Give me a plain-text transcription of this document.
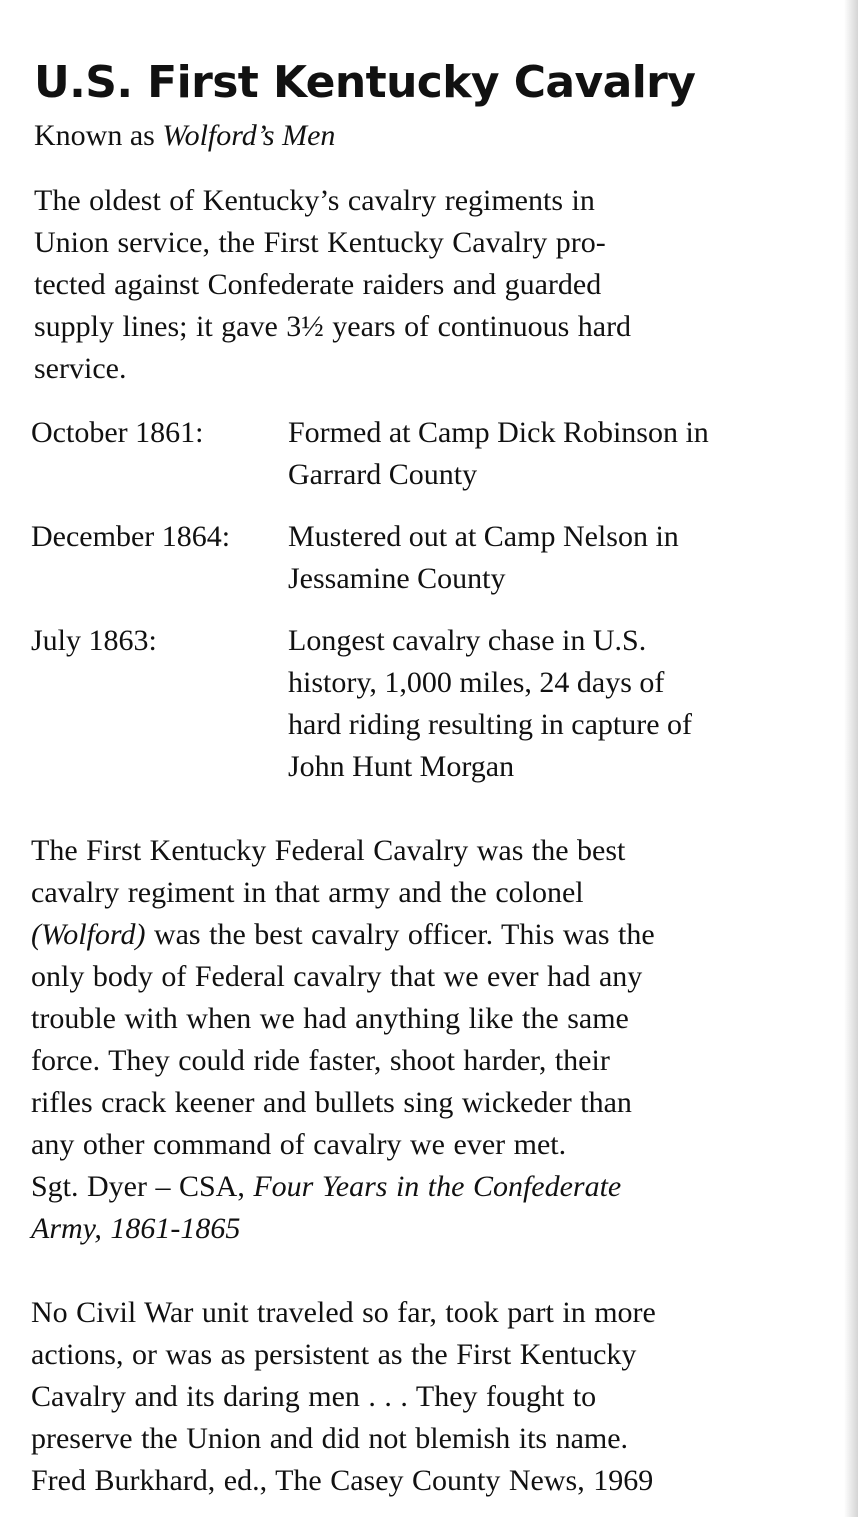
U.S. First Kentucky Cavalry

Known as Wolford’s Men

The oldest of Kentucky’s cavalry regiments in
Union service, the First Kentucky Cavalry pro-
tected against Confederate raiders and guarded
supply lines; it gave 3½ years of continuous hard
service.
October 1861:	Formed at Camp Dick Robinson in
Garrard County
December 1864: Mustered out at Camp Nelson in
Jessamine County
July 1863:	Longest cavalry chase in U.S.
history, 1,000 miles, 24 days of
hard riding resulting in capture of
John Hunt Morgan
The First Kentucky Federal Cavalry was the best
cavalry regiment in that army and the colonel
(Wolford) was the best cavalry officer. This was the
only body of Federal cavalry that we ever had any
trouble with when we had anything like the same
force. They could ride faster, shoot harder, their
rifles crack keener and bullets sing wickeder than
any other command of cavalry we ever met.
Sgt. Dyer – CSA, Four Years in the Confederate
Army, 1861-1865
No Civil War unit traveled so far, took part in more
actions, or was as persistent as the First Kentucky
Cavalry and its daring men . . . They fought to
preserve the Union and did not blemish its name.
Fred Burkhard, ed., The Casey County News, 1969
